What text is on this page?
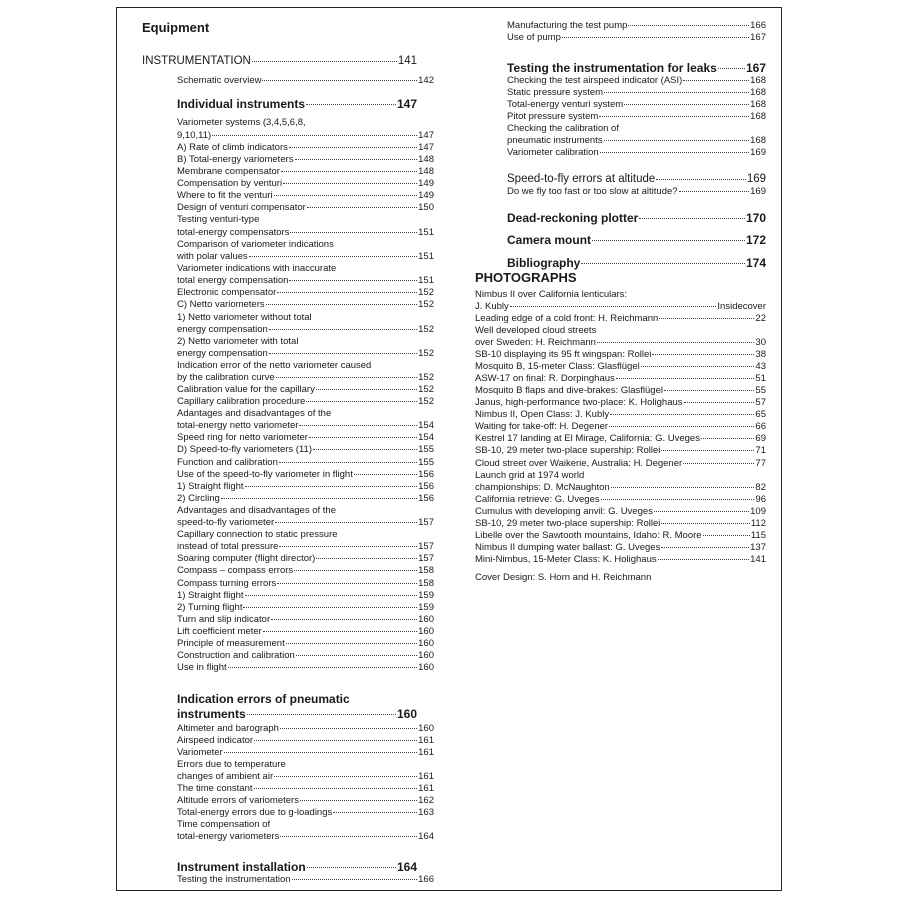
Equipment
INSTRUMENTATION	141
Schematic overview	142
Individual instruments	147
Variometer systems (3,4,5,6,8,
9,10,11)	147
A) Rate of climb indicators	147
B) Total-energy variometers	148
Membrane compensator	148
Compensation by venturi	149
Where to fit the venturi	149
Design of venturi compensator	150
Testing venturi-type
total-energy compensators	151
Comparison of variometer indications
with polar values	151
Variometer indications with inaccurate
total energy compensation	151
Electronic compensator	152
C) Netto variometers	152
1) Netto variometer without total
energy compensation	152
2) Netto variometer with total
energy compensation	152
Indication error of the netto variometer caused
by the calibration curve	152
Calibration value for the capillary	152
Capillary calibration procedure	152
Adantages and disadvantages of the
total-energy netto variometer	154
Speed ring for netto variometer	154
D) Speed-to-fly variometers (11)	155
Function and calibration	155
Use of the speed-to-fly variometer in flight	156
1) Straight flight	156
2) Circling	156
Advantages and disadvantages of the
speed-to-fly variometer	157
Capillary connection to static pressure
instead of total pressure	157
Soaring computer (flight director)	157
Compass – compass errors	158
Compass turning errors	158
1) Straight flight	159
2) Turning flight	159
Turn and slip indicator	160
Lift coefficient meter	160
Principle of measurement	160
Construction and calibration	160
Use in flight	160
Indication errors of pneumatic
instruments	160
Altimeter and barograph	160
Airspeed indicator	161
Variometer	161
Errors due to temperature
changes of ambient air	161
The time constant	161
Altitude errors of variometers	162
Total-energy errors due to g-loadings	163
Time compensation of
total-energy variometers	164
Instrument installation	164
Testing the instrumentation	166
PHOTOGRAPHS
Cover Design: S. Horn and H. Reichmann
Manufacturing the test pump	166
Use of pump	167
Testing the instrumentation for leaks 167
Checking the test airspeed indicator (ASI)	168
Static pressure system	168
Total-energy venturi system	168
Pitot pressure system	168
Checking the calibration of
pneumatic instruments	168
Variometer calibration	169
Speed-to-fly errors at altitude	169
Do we fly too fast or too slow at altitude?	169
Dead-reckoning plotter	170
Camera mount	172
Bibliography	174
Nimbus II over California lenticulars:
J. Kubly	Insidecover
Leading edge of a cold front: H. Reichmann	22
Well developed cloud streets
over Sweden: H. Reichmann	30
SB-10 displaying its 95 ft wingspan: Rollei	38
Mosquito B, 15-meter Class: Glasflügel	43
ASW-17 on final: R. Dorpinghaus	51
Mosquito B flaps and dive-brakes: Glasflügel	55
Janus, high-performance two-place: K. Holighaus	57
Nimbus II, Open Class: J. Kubly	65
Waiting for take-off: H. Degener	66
Kestrel 17 landing at El Mirage, California: G. Uveges	69
SB-10, 29 meter two-place supership: Rollei	71
Cloud street over Waikerie, Australia: H. Degener	77
Launch grid at 1974 world
championships: D. McNaughton	82
California retrieve: G. Uveges	96
Cumulus with developing anvil: G. Uveges	109
SB-10, 29 meter two-place supership: Rollei	112
Libelle over the Sawtooth mountains, Idaho: R. Moore	115
Nimbus II dumping water ballast: G. Uveges	137
Mini-Nimbus, 15-Meter Class: K. Holighaus	141
